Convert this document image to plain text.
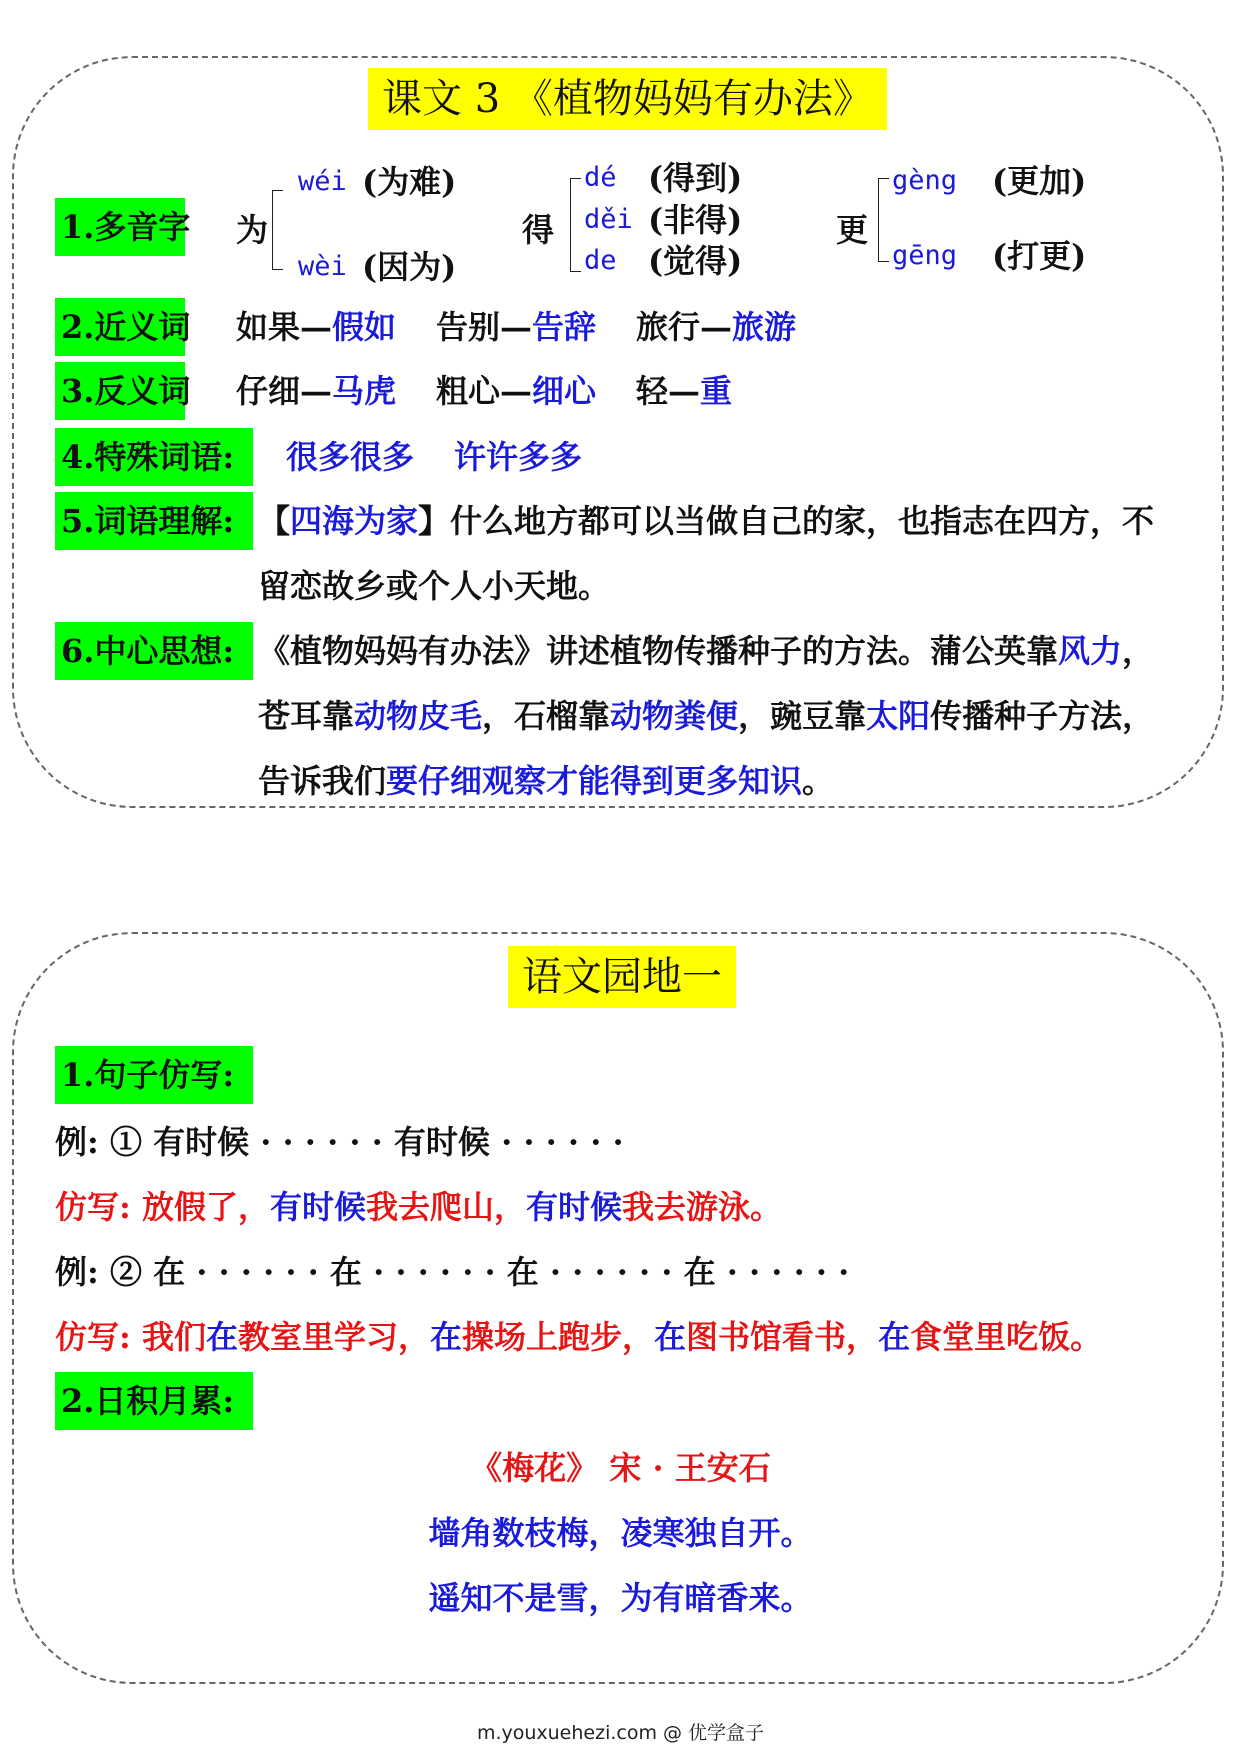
课文 3 《植物妈妈有办法》
1.多音字 为
wéi (为难)
wèi (因为)
得
dé (得到)
děi (非得)
de (觉得)
更
gèng (更加)
gēng (打更)
2.近义词 如果—假如 告别—告辞 旅行—旅游
3.反义词 仔细—马虎 粗心—细心 轻—重
4.特殊词语:	很多很多 许许多多
5.词语理解: 【四海为家】什么地方都可以当做自己的家，也指志在四方，不
留恋故乡或个人小天地。
6.中心思想: 《植物妈妈有办法》讲述植物传播种子的方法。蒲公英靠风力，
苍耳靠动物皮毛，石榴靠动物粪便，豌豆靠太阳传播种子方法，
告诉我们要仔细观察才能得到更多知识。
语文园地一
1.句子仿写:
例: ① 有时候 · · · · · · 有时候 · · · · · ·
仿写: 放假了，有时候我去爬山，有时候我去游泳。
例: ② 在 · · · · · · 在 · · · · · · 在 · · · · · · 在 · · · · · ·
仿写: 我们在教室里学习，在操场上跑步，在图书馆看书，在食堂里吃饭。
2.日积月累:
《梅花》 宋 · 王安石
墙角数枝梅，凌寒独自开。
遥知不是雪，为有暗香来。
m.youxuehezi.com @ 优学盒子
